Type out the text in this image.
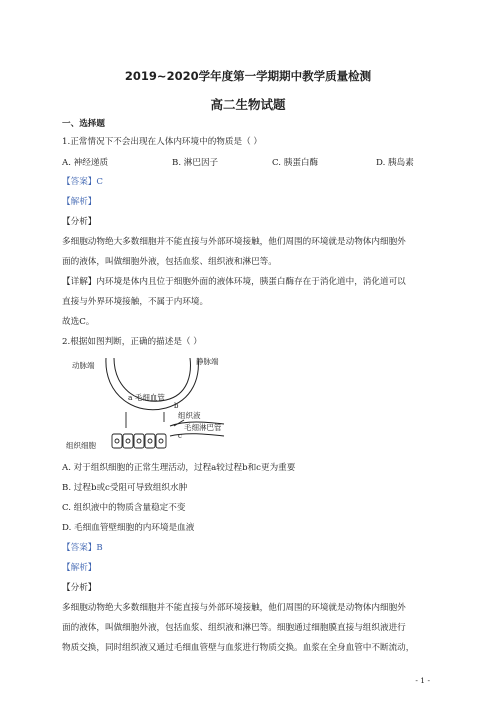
2019~2020学年度第一学期期中教学质量检测
高二生物试题
一、选择题
1.正常情况下不会出现在人体内环境中的物质是（ ）
A. 神经递质	B. 淋巴因子	C. 胰蛋白酶	D. 胰岛素
【答案】C
【解析】
【分析】
多细胞动物绝大多数细胞并不能直接与外部环境接触，他们周围的环境就是动物体内细胞外
面的液体，叫做细胞外液，包括血浆、组织液和淋巴等。
【详解】内环境是体内且位于细胞外面的液体环境，胰蛋白酶存在于消化道中，消化道可以
直接与外界环境接触，不属于内环境。
故选C。
2.根据如图判断，正确的描述是（ ）
动脉端	静脉端
a 毛细血管
b
组织液
毛细淋巴管
c
组织细胞
A. 对于组织细胞的正常生理活动，过程a较过程b和c更为重要
B. 过程b或c受阻可导致组织水肿
C. 组织液中的物质含量稳定不变
D. 毛细血管壁细胞的内环境是血液
【答案】B
【解析】
【分析】
多细胞动物绝大多数细胞并不能直接与外部环境接触，他们周围的环境就是动物体内细胞外
面的液体，叫做细胞外液，包括血浆、组织液和淋巴等。细胞通过细胞膜直接与组织液进行
物质交换，同时组织液又通过毛细血管壁与血浆进行物质交换。血浆在全身血管中不断流动，
- 1 -
